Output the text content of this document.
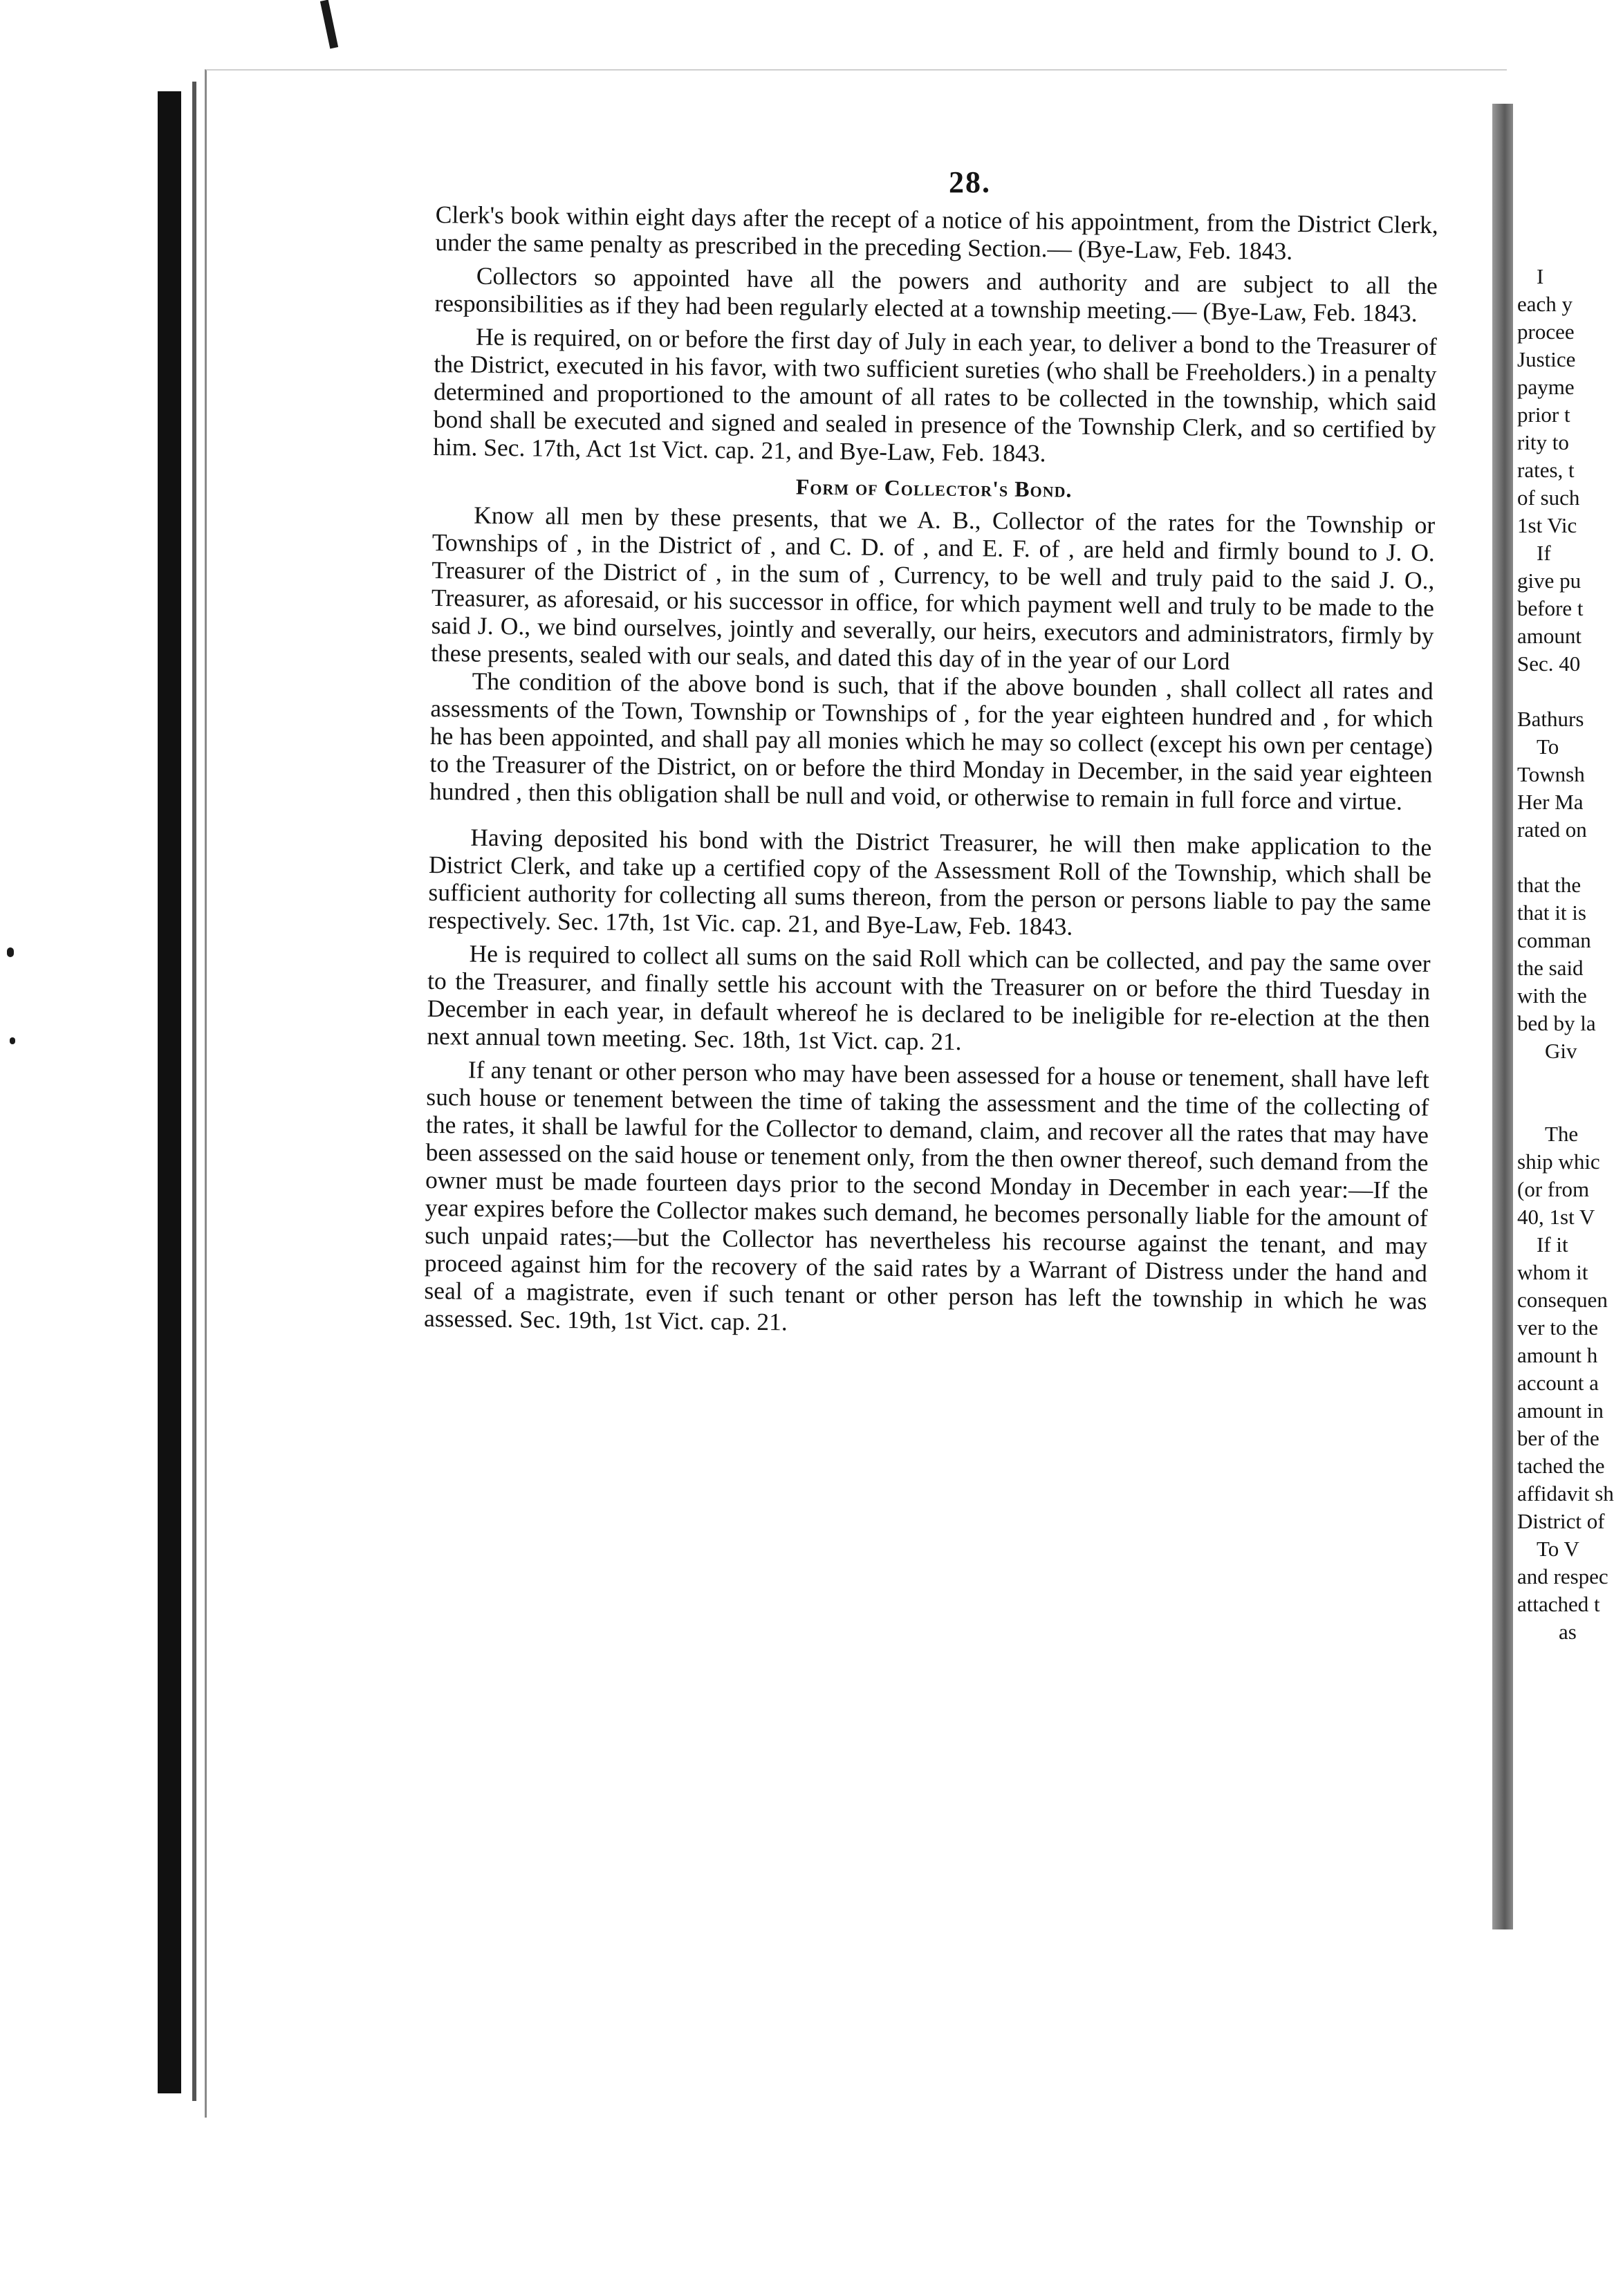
28.

Clerk's book within eight days after the recept of a notice of his appointment, from the District Clerk, under the same penalty as prescribed in the preceding Section.— (Bye-Law, Feb. 1843.

Collectors so appointed have all the powers and authority and are subject to all the responsibilities as if they had been regularly elected at a township meeting.— (Bye-Law, Feb. 1843.

He is required, on or before the first day of July in each year, to deliver a bond to the Treasurer of the District, executed in his favor, with two sufficient sureties (who shall be Freeholders.) in a penalty determined and proportioned to the amount of all rates to be collected in the township, which said bond shall be executed and signed and sealed in presence of the Township Clerk, and so certified by him. Sec. 17th, Act 1st Vict. cap. 21, and Bye-Law, Feb. 1843.

Form of Collector's Bond.

Know all men by these presents, that we A. B., Collector of the rates for the Township or Townships of , in the District of , and C. D. of , and E. F. of , are held and firmly bound to J. O. Treasurer of the District of , in the sum of , Currency, to be well and truly paid to the said J. O., Treasurer, as aforesaid, or his successor in office, for which payment well and truly to be made to the said J. O., we bind ourselves, jointly and severally, our heirs, executors and administrators, firmly by these presents, sealed with our seals, and dated this day of in the year of our Lord

The condition of the above bond is such, that if the above bounden , shall collect all rates and assessments of the Town, Township or Townships of , for the year eighteen hundred and , for which he has been appointed, and shall pay all monies which he may so collect (except his own per centage) to the Treasurer of the District, on or before the third Monday in December, in the said year eighteen hundred , then this obligation shall be null and void, or otherwise to remain in full force and virtue.

Having deposited his bond with the District Treasurer, he will then make application to the District Clerk, and take up a certified copy of the Assessment Roll of the Township, which shall be sufficient authority for collecting all sums thereon, from the person or persons liable to pay the same respectively. Sec. 17th, 1st Vic. cap. 21, and Bye-Law, Feb. 1843.

He is required to collect all sums on the said Roll which can be collected, and pay the same over to the Treasurer, and finally settle his account with the Treasurer on or before the third Tuesday in December in each year, in default whereof he is declared to be ineligible for re-election at the then next annual town meeting. Sec. 18th, 1st Vict. cap. 21.

If any tenant or other person who may have been assessed for a house or tenement, shall have left such house or tenement between the time of taking the assessment and the time of the collecting of the rates, it shall be lawful for the Collector to demand, claim, and recover all the rates that may have been assessed on the said house or tenement only, from the then owner thereof, such demand from the owner must be made fourteen days prior to the second Monday in December in each year:—If the year expires before the Collector makes such demand, he becomes personally liable for the amount of such unpaid rates;—but the Collector has nevertheless his recourse against the tenant, and may proceed against him for the recovery of the said rates by a Warrant of Distress under the hand and seal of a magistrate, even if such tenant or other person has left the township in which he was assessed. Sec. 19th, 1st Vict. cap. 21.

I
each y
procee
Justice
payme
prior t
rity to
rates, t
of such
1st Vic
If
give pu
before t
amount
Sec. 40
Bathurs
To
Townsh
Her Ma
rated on
that the
that it is
comman
the said
with the
bed by la
Giv
The
ship whic
(or from
40, 1st V
If it
whom it
consequen
ver to the
amount h
account a
amount in
ber of the
tached the
affidavit sh
District of
To V
and respec
attached t
as
